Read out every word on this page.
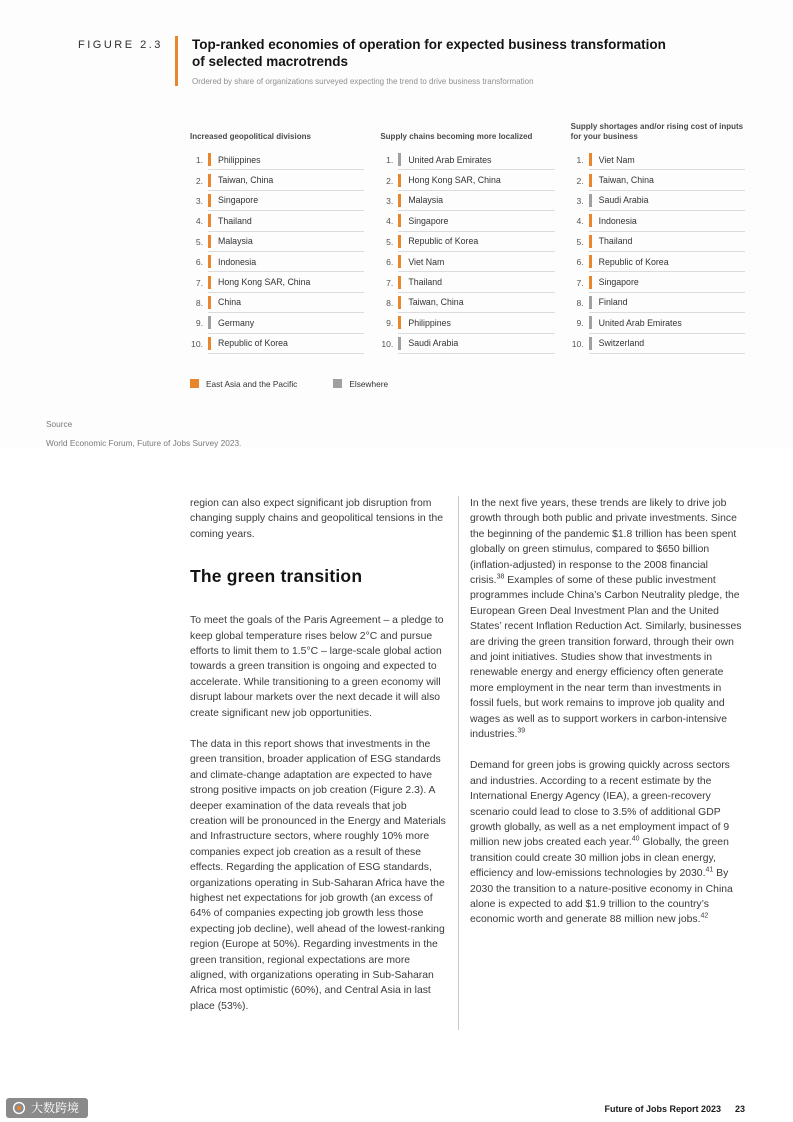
FIGURE 2.3	Top-ranked economies of operation for expected business transformation of selected macrotrends

Ordered by share of organizations surveyed expecting the trend to drive business transformation

Increased geopolitical divisions
1.	Philippines
2.	Taiwan, China
3.	Singapore
4.	Thailand
5.	Malaysia
6.	Indonesia
7.	Hong Kong SAR, China
8.	China
9.	Germany
10.	Republic of Korea
Supply chains becoming more localized
1.	United Arab Emirates
2.	Hong Kong SAR, China
3.	Malaysia
4.	Singapore
5.	Republic of Korea
6.	Viet Nam
7.	Thailand
8.	Taiwan, China
9.	Philippines
10.	Saudi Arabia
Supply shortages and/or rising cost of inputs for your business
1.	Viet Nam
2.	Taiwan, China
3.	Saudi Arabia
4.	Indonesia
5.	Thailand
6.	Republic of Korea
7.	Singapore
8.	Finland
9.	United Arab Emirates
10.	Switzerland
East Asia and the Pacific	Elsewhere
Source
World Economic Forum, Future of Jobs Survey 2023.

region can also expect significant job disruption from changing supply chains and geopolitical tensions in the coming years.

The green transition

To meet the goals of the Paris Agreement – a pledge to keep global temperature rises below 2°C and pursue efforts to limit them to 1.5°C – large-scale global action towards a green transition is ongoing and expected to accelerate. While transitioning to a green economy will disrupt labour markets over the next decade it will also create significant new job opportunities.

The data in this report shows that investments in the green transition, broader application of ESG standards and climate-change adaptation are expected to have strong positive impacts on job creation (Figure 2.3). A deeper examination of the data reveals that job creation will be pronounced in the Energy and Materials and Infrastructure sectors, where roughly 10% more companies expect job creation as a result of these effects. Regarding the application of ESG standards, organizations operating in Sub-Saharan Africa have the highest net expectations for job growth (an excess of 64% of companies expecting job growth less those expecting job decline), well ahead of the lowest-ranking region (Europe at 50%). Regarding investments in the green transition, regional expectations are more aligned, with organizations operating in Sub-Saharan Africa most optimistic (60%), and Central Asia in last place (53%).

In the next five years, these trends are likely to drive job growth through both public and private investments. Since the beginning of the pandemic $1.8 trillion has been spent globally on green stimulus, compared to $650 billion (inflation-adjusted) in response to the 2008 financial crisis.$^{38}$ Examples of some of these public investment programmes include China’s Carbon Neutrality pledge, the European Green Deal Investment Plan and the United States’ recent Inflation Reduction Act. Similarly, businesses are driving the green transition forward, through their own and joint initiatives. Studies show that investments in renewable energy and energy efficiency often generate more employment in the near term than investments in fossil fuels, but work remains to improve job quality and wages as well as to support workers in carbon-intensive industries.$^{39}$

Demand for green jobs is growing quickly across sectors and industries. According to a recent estimate by the International Energy Agency (IEA), a green-recovery scenario could lead to close to 3.5% of additional GDP growth globally, as well as a net employment impact of 9 million new jobs created each year.$^{40}$ Globally, the green transition could create 30 million jobs in clean energy, efficiency and low-emissions technologies by 2030.41 By 2030 the transition to a nature-positive economy in China alone is expected to add $1.9 trillion to the country’s economic worth and generate 88 million new jobs.$^{42}$

Future of Jobs Report 2023 23
大数跨境
